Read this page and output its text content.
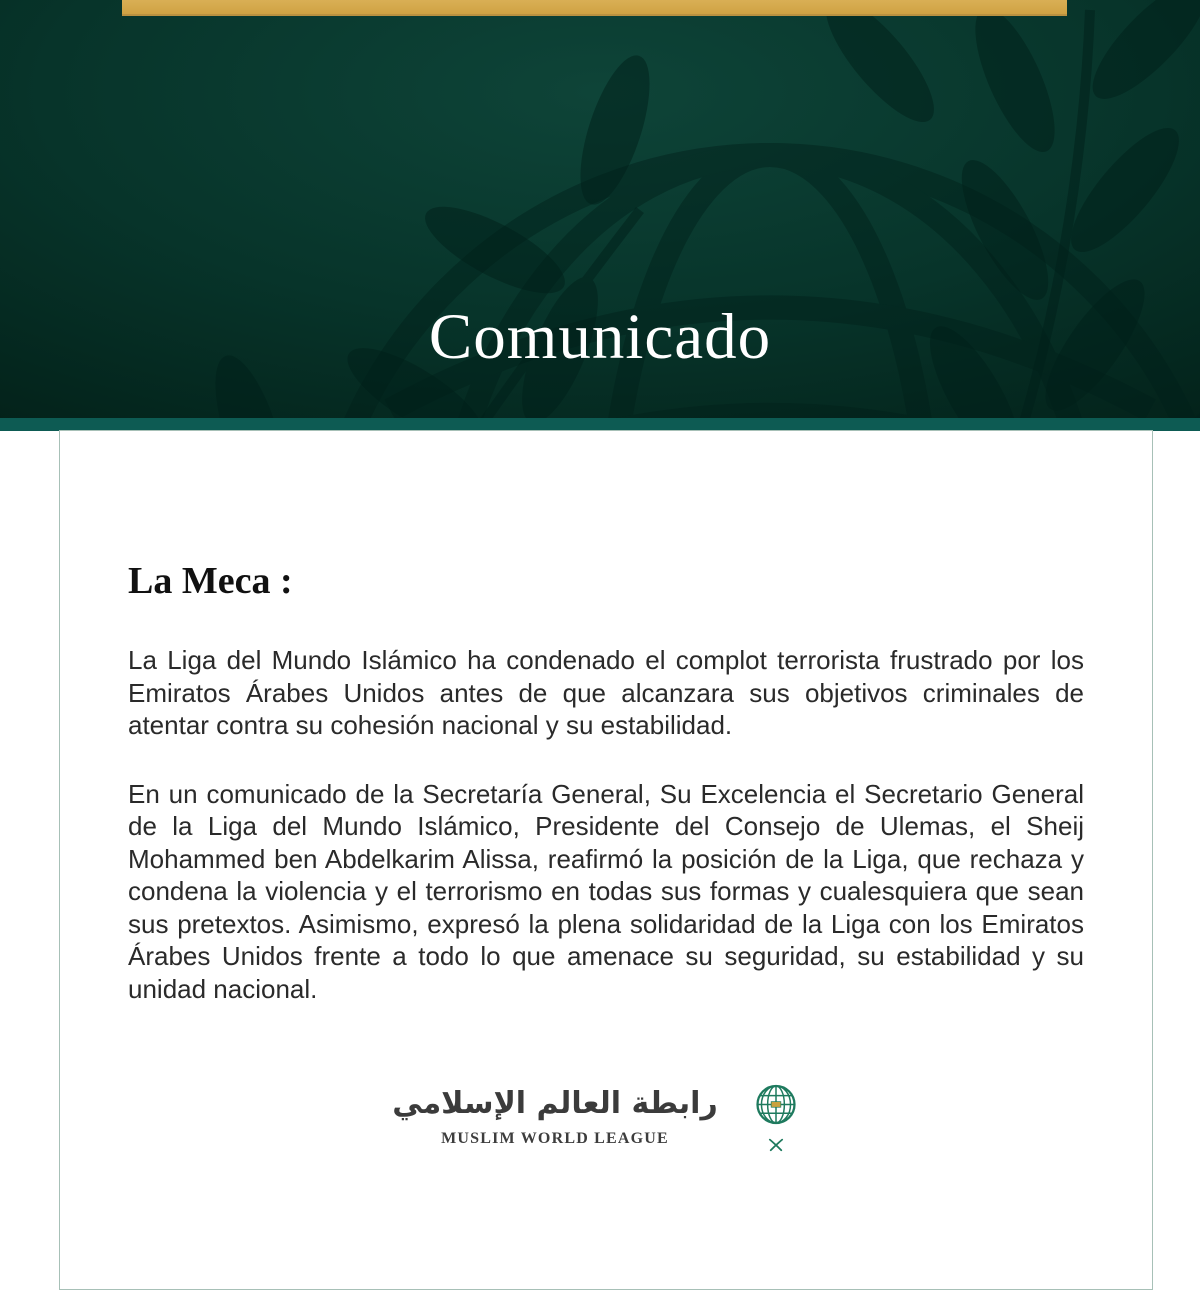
Comunicado
La Meca :

La Liga del Mundo Islámico ha condenado el complot terrorista frustrado por los Emiratos Árabes Unidos antes de que alcanzara sus objetivos criminales de atentar contra su cohesión nacional y su estabilidad.

En un comunicado de la Secretaría General, Su Excelencia el Secretario General de la Liga del Mundo Islámico, Presidente del Consejo de Ulemas, el Sheij Mohammed ben Abdelkarim Alissa, reafirmó la posición de la Liga, que rechaza y condena la violencia y el terrorismo en todas sus formas y cualesquiera que sean sus pretextos. Asimismo, expresó la plena solidaridad de la Liga con los Emiratos Árabes Unidos frente a todo lo que amenace su seguridad, su estabilidad y su unidad nacional.

رابطة العالم الإسلامي
MUSLIM WORLD LEAGUE
